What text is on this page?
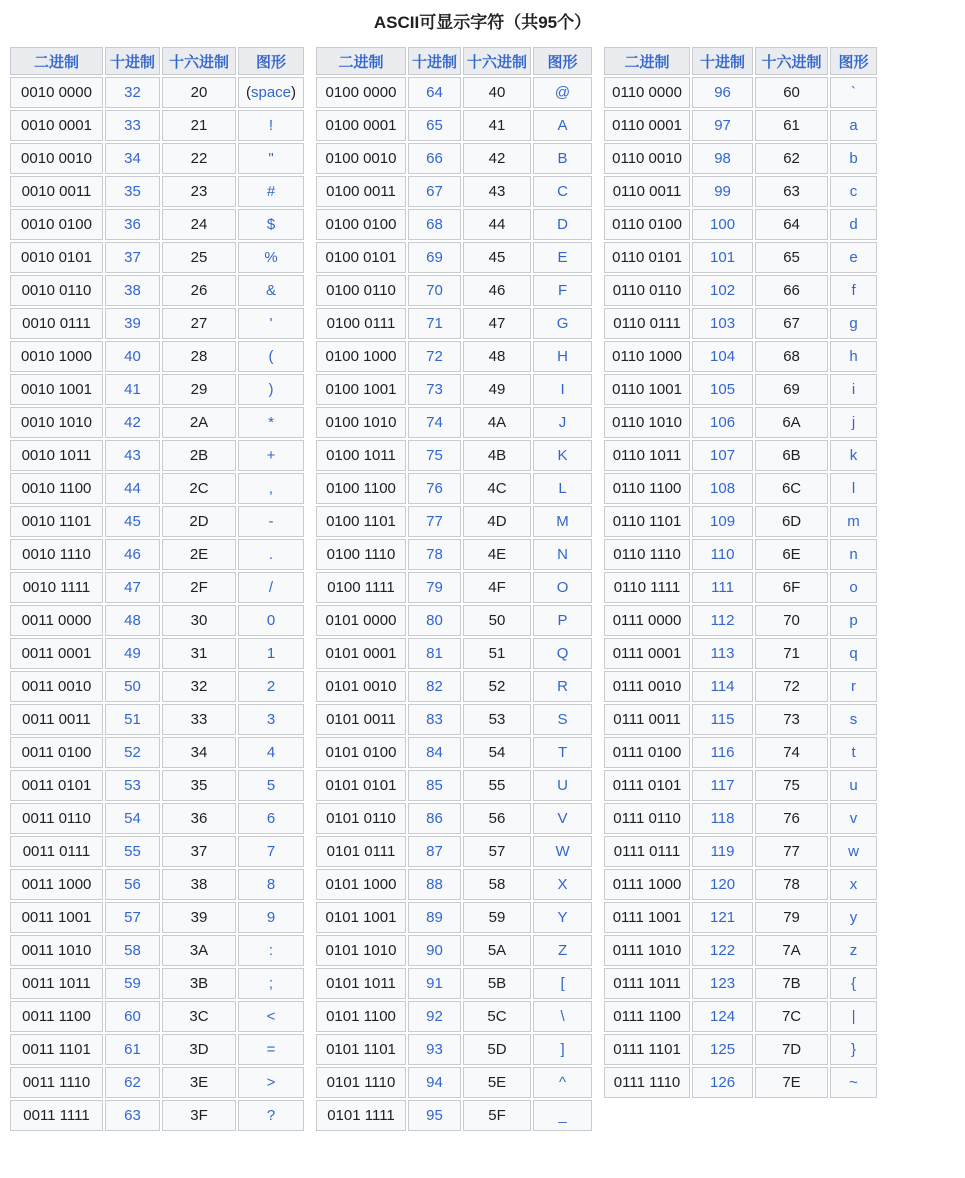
ASCII可显示字符（共95个）
二进制	十进制	十六进制	图形
0010 0000	32	20	(space)
0010 0001	33	21	!
0010 0010	34	22	"
0010 0011	35	23	#
0010 0100	36	24	$
0010 0101	37	25	%
0010 0110	38	26	&
0010 0111	39	27	'
0010 1000	40	28	(
0010 1001	41	29	)
0010 1010	42	2A	*
0010 1011	43	2B	+
0010 1100	44	2C	,
0010 1101	45	2D	-
0010 1110	46	2E	.
0010 1111	47	2F	/
0011 0000	48	30	0
0011 0001	49	31	1
0011 0010	50	32	2
0011 0011	51	33	3
0011 0100	52	34	4
0011 0101	53	35	5
0011 0110	54	36	6
0011 0111	55	37	7
0011 1000	56	38	8
0011 1001	57	39	9
0011 1010	58	3A	:
0011 1011	59	3B	;
0011 1100	60	3C	<
0011 1101	61	3D	=
0011 1110	62	3E	>
0011 1111	63	3F	?
二进制	十进制	十六进制	图形
0100 0000	64	40	@
0100 0001	65	41	A
0100 0010	66	42	B
0100 0011	67	43	C
0100 0100	68	44	D
0100 0101	69	45	E
0100 0110	70	46	F
0100 0111	71	47	G
0100 1000	72	48	H
0100 1001	73	49	I
0100 1010	74	4A	J
0100 1011	75	4B	K
0100 1100	76	4C	L
0100 1101	77	4D	M
0100 1110	78	4E	N
0100 1111	79	4F	O
0101 0000	80	50	P
0101 0001	81	51	Q
0101 0010	82	52	R
0101 0011	83	53	S
0101 0100	84	54	T
0101 0101	85	55	U
0101 0110	86	56	V
0101 0111	87	57	W
0101 1000	88	58	X
0101 1001	89	59	Y
0101 1010	90	5A	Z
0101 1011	91	5B	[
0101 1100	92	5C	\
0101 1101	93	5D	]
0101 1110	94	5E	^
0101 1111	95	5F	_
二进制	十进制	十六进制	图形
0110 0000	96	60	`
0110 0001	97	61	a
0110 0010	98	62	b
0110 0011	99	63	c
0110 0100	100	64	d
0110 0101	101	65	e
0110 0110	102	66	f
0110 0111	103	67	g
0110 1000	104	68	h
0110 1001	105	69	i
0110 1010	106	6A	j
0110 1011	107	6B	k
0110 1100	108	6C	l
0110 1101	109	6D	m
0110 1110	110	6E	n
0110 1111	111	6F	o
0111 0000	112	70	p
0111 0001	113	71	q
0111 0010	114	72	r
0111 0011	115	73	s
0111 0100	116	74	t
0111 0101	117	75	u
0111 0110	118	76	v
0111 0111	119	77	w
0111 1000	120	78	x
0111 1001	121	79	y
0111 1010	122	7A	z
0111 1011	123	7B	{
0111 1100	124	7C	|
0111 1101	125	7D	}
0111 1110	126	7E	~
